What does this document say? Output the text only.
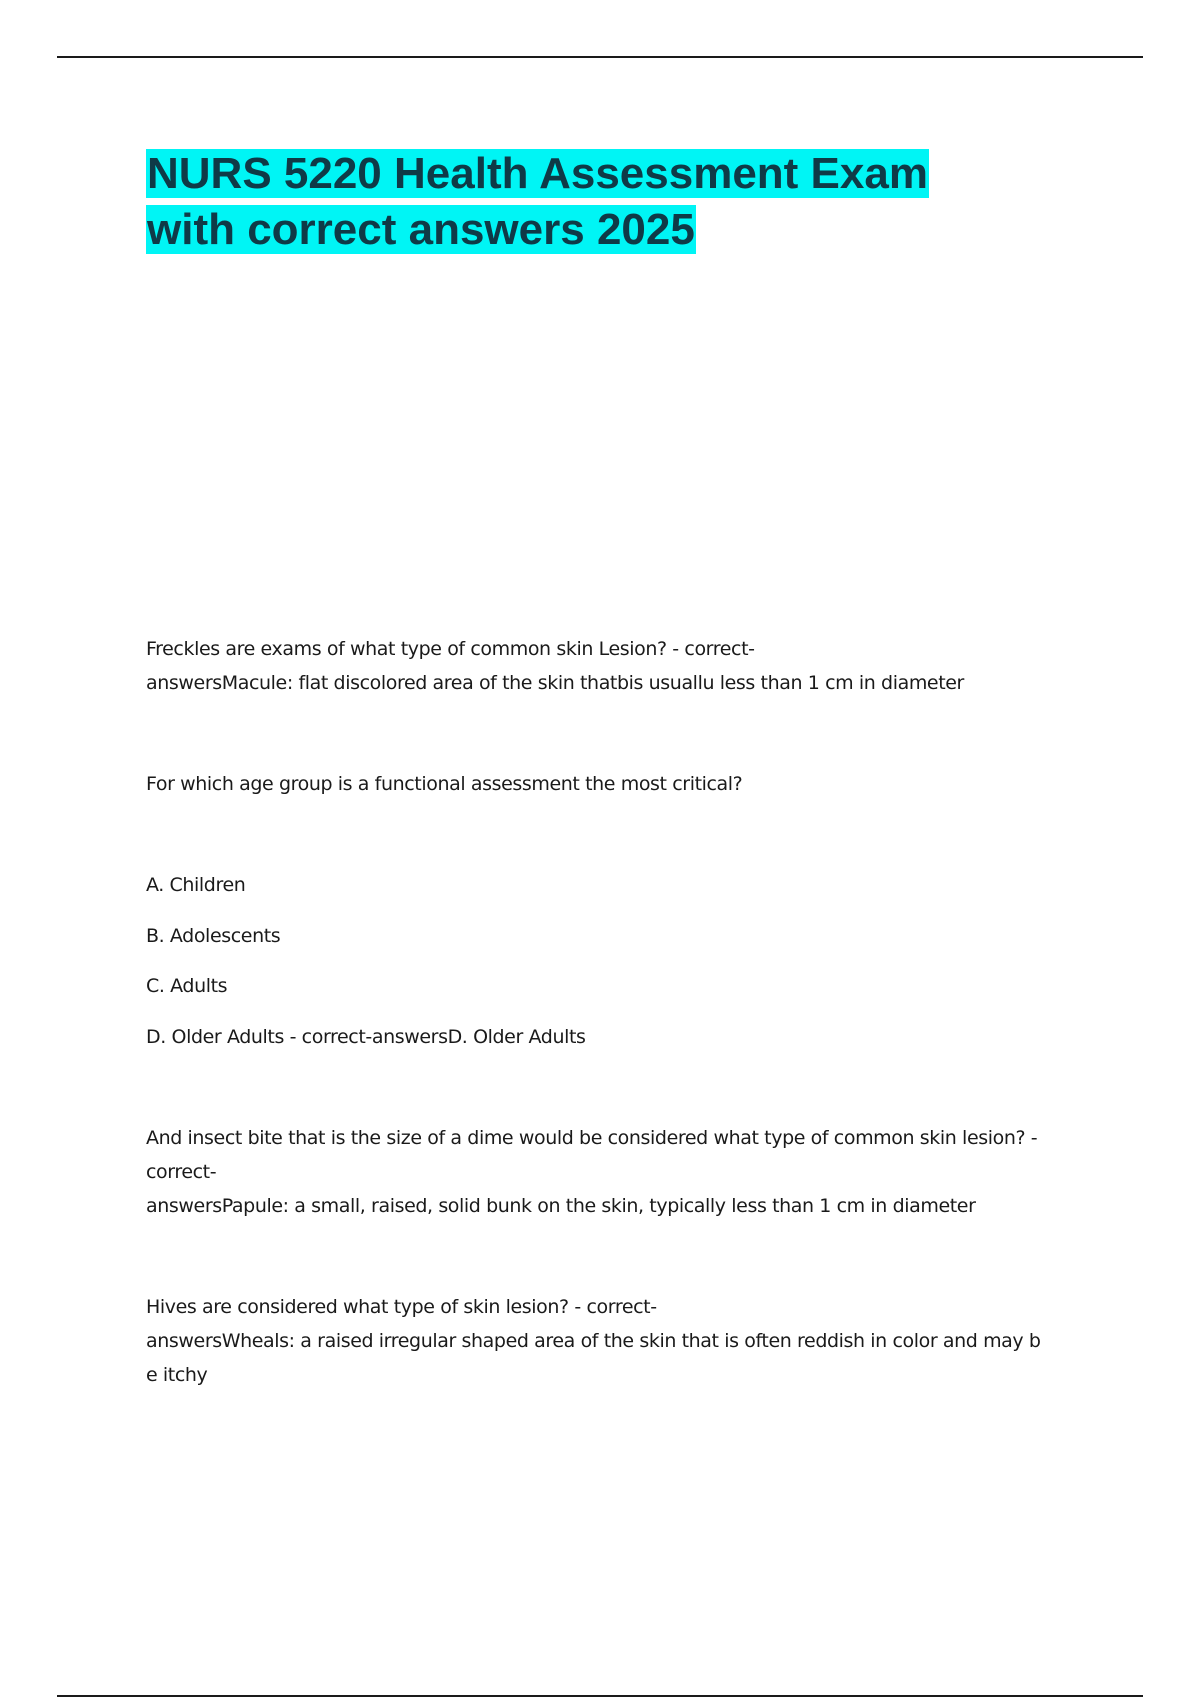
NURS 5220 Health Assessment Exam
with correct answers 2025

Freckles are exams of what type of common skin Lesion? - correct-

answersMacule: flat discolored area of the skin thatbis usuallu less than 1 cm in diameter

For which age group is a functional assessment the most critical?

A. Children

B. Adolescents

C. Adults

D. Older Adults - correct-answersD. Older Adults

And insect bite that is the size of a dime would be considered what type of common skin lesion? -

correct-

answersPapule: a small, raised, solid bunk on the skin, typically less than 1 cm in diameter

Hives are considered what type of skin lesion? - correct-

answersWheals: a raised irregular shaped area of the skin that is often reddish in color and may b

e itchy
